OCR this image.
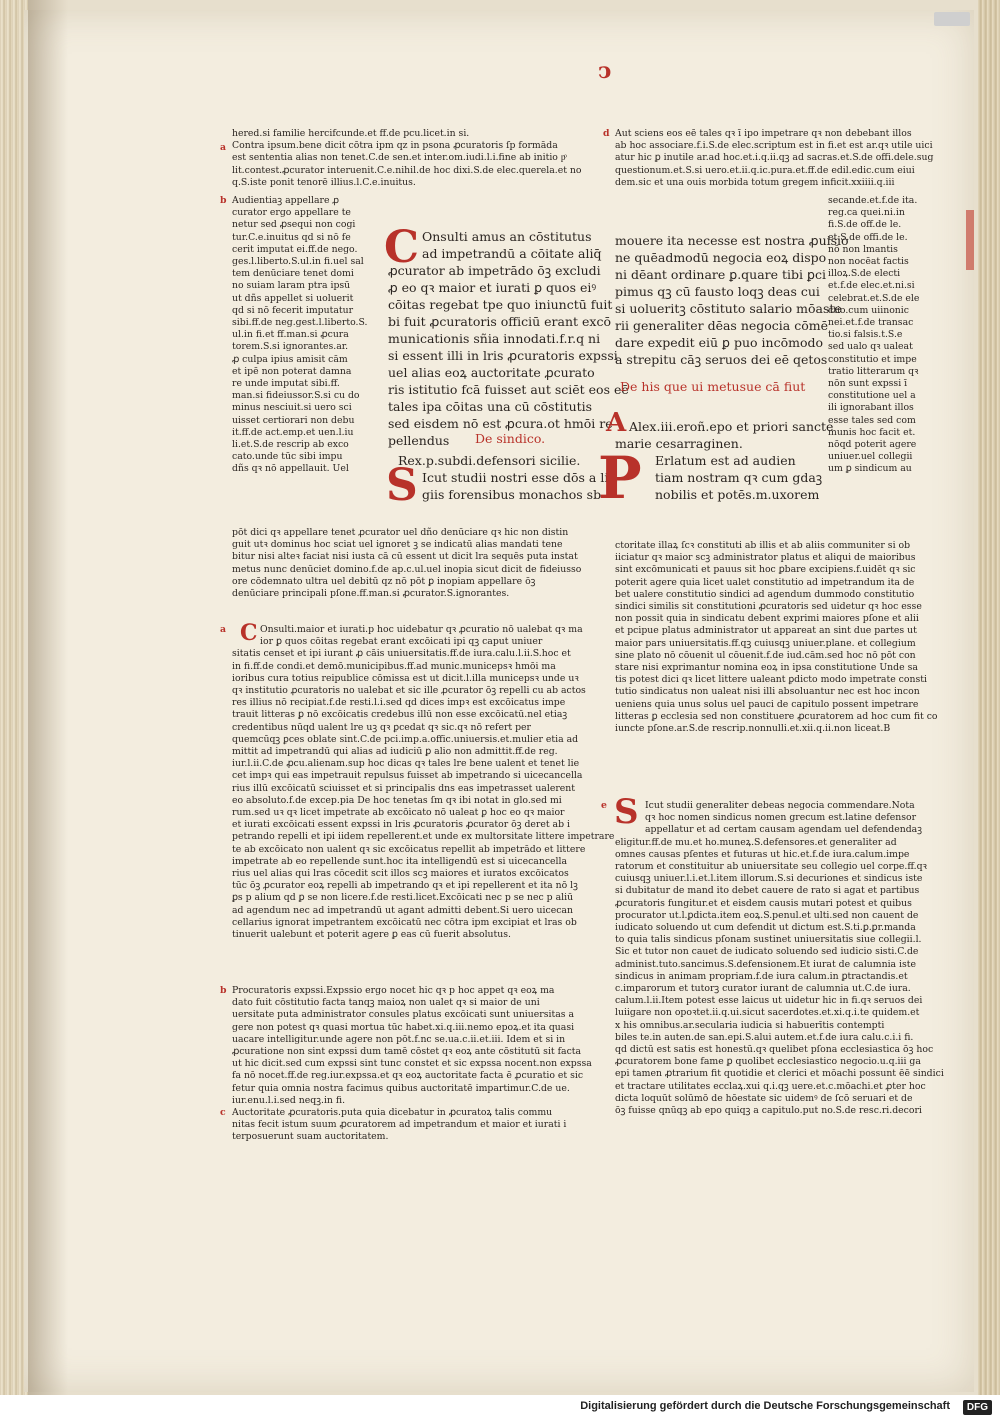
ↄ
a
hered.si familie hercifcunde.et ff.de pcu.licet.in si.
Contra ipsum.bene dicit cōtra ipm qz in psona ꝓcuratoris ſp formāda
est sententia alias non tenet.C.de sen.et inter.om.iudi.l.i.fine ab initio pͦ
lit.contest.ꝓcurator interuenit.C.e.nihil.de hoc dixi.S.de elec.querela.et no
q.S.iste ponit tenorē illius.l.C.e.inuitus.
b Audientiaꝫ appellare ꝓ
curator ergo appellare te
netur sed ꝓsequi non cogi
tur.C.e.inuitus qd si nō fe
cerit imputat ei.ff.de nego.
ges.l.liberto.S.ul.in fi.uel sal
tem denūciare tenet domi
no suiam laram ptra ipsū
ut dñs appellet si uoluerit
qd si nō fecerit imputatur
sibi.ff.de neg.gest.l.liberto.S.
ul.in fi.et ff.man.si ꝓcura
torem.S.si ignorantes.ar.
ꝓ culpa ipius amisit cām
et ipē non poterat damna
re unde imputat sibi.ff.
man.si fideiussor.S.si cu do
minus nesciuit.si uero sci
uisset certiorari non debu
it.ff.de act.emp.et uen.l.iu
li.et.S.de rescrip ab exco
cato.unde tūc sibi impu
dñs qꝛ nō appellauit. Uel
C Onsulti amus an cōstitutus
ad impetrandū a cōitate aliq̄
ꝓcurator ab impetrādo ōꝫ excludi
ꝓ eo qꝛ maior et iurati ꝑ quos eiꝰ
cōitas regebat tpe quo iniunctū fuit
bi fuit ꝓcuratoris officiū erant excō
municationis sñia innodati.f.r.q ni
si essent illi in lris ꝓcuratoris expssi
uel alias eoꝝ auctoritate ꝓcurato
ris istitutio fcā fuisset aut sciēt eos eē
tales ipa cōitas una cū cōstitutis
sed eisdem nō est ꝓcura.ot hmōi re
pellendus	De sindico.
S
Rex.p.subdi.defensori sicilie.
Icut studii nostri esse dōs a liti
giis forensibus monachos sb
pōt dici qꝛ appellare tenet ꝓcurator uel dño denūciare qꝛ hic non distin
guit utꝛ dominus hoc sciat uel ignoret ꝫ se indicatū alias mandati tene
bitur nisi alteꝛ faciat nisi iusta cā cū essent ut dicit lra sequēs puta instat
metus nunc denūciet domino.f.de ap.c.ul.uel inopia sicut dicit de fideiusso
ore cōdemnato ultra uel debitū qz nō pōt ꝑ inopiam appellare ōꝫ
denūciare principali pſone.ff.man.si ꝓcurator.S.ignorantes.
C
a	Onsulti.maior et iurati.p hoc uidebatur qꝛ ꝓcuratio nō ualebat qꝛ ma
ior ꝑ quos cōitas regebat erant excōicati ipi qꝫ caput uniuer
sitatis censet et ipi iurant ꝓ cāis uniuersitatis.ff.de iura.calu.l.ii.S.hoc et
in fi.ff.de condi.et demō.municipibus.ff.ad munic.municepsꝛ hmōi ma
ioribus cura totius reipublice cōmissa est ut dicit.l.illa municepsꝛ unde uꝛ
qꝛ institutio ꝓcuratoris no ualebat et sic ille ꝓcurator ōꝫ repelli cu ab actos
res illius nō recipiat.f.de resti.l.i.sed qd dices impꝛ est excōicatus impe
trauit litteras ꝑ nō excōicatis credebus illū non esse excōicatū.nel etiaꝫ
credentibus nūqd ualent lre uꝫ qꝛ ꝑcedat qꝛ sic.qꝛ nō refert per
quemcūqꝫ ꝑces oblate sint.C.de pci.imp.a.offic.uniuersis.et.mulier etia ad
mittit ad impetrandū qui alias ad iudiciū ꝑ alio non admittit.ff.de reg.
iur.l.ii.C.de ꝓcu.alienam.sup hoc dicas qꝛ tales lre bene ualent et tenet lie
cet impꝛ qui eas impetrauit repulsus fuisset ab impetrando si uicecancella
rius illū excōicatū sciuisset et si principalis dns eas impetrasset ualerent
eo absoluto.f.de excep.pia De hoc tenetas ſm qꝛ ibi notat in glo.sed mi
rum.sed uꝛ qꝛ licet impetrate ab excōicato nō ualeat ꝑ hoc eo qꝛ maior
et iurati excōicati essent expssi in lris ꝓcuratoris ꝓcurator ōꝫ deret ab i
petrando repelli et ipi iidem repellerent.et unde ex multorsitate littere impetrare
te ab excōicato non ualent qꝛ sic excōicatus repellit ab impetrādo et littere
impetrate ab eo repellende sunt.hoc ita intelligendū est si uicecancella
rius uel alias qui lras cōcedit scit illos scꝫ maiores et iuratos excōicatos
tūc ōꝫ ꝓcurator eoꝝ repelli ab impetrando qꝛ et ipi repellerent et ita nō lꝫ
ꝑs p alium qd ꝑ se non licere.f.de resti.licet.Excōicati nec p se nec p aliū
ad agendum nec ad impetrandū ut agant admitti debent.Si uero uicecan
cellarius ignorat impetrantem excōicatū nec cōtra ipm excipiat et lras ob
tinuerit ualebunt et poterit agere ꝑ eas cū fuerit absolutus.
b
c
Procuratoris expssi.Expssio ergo nocet hic qꝛ p hoc appet qꝛ eoꝝ ma
dato fuit cōstitutio facta tanqꝫ maioꝝ non ualet qꝛ si maior de uni
uersitate puta administrator consules platus excōicati sunt uniuersitas a
gere non potest qꝛ quasi mortua tūc habet.xi.q.iii.nemo epoꝝ.et ita quasi
uacare intelligitur.unde agere non pōt.f.nc se.ua.c.ii.et.iii. Idem et si in
ꝓcuratione non sint expssi dum tamē cōstet qꝛ eoꝝ ante cōstitutū sit facta
ut hic dicit.sed cum expssi sint tunc constet et sic expssa nocent.non expssa
fa nō nocet.ff.de reg.iur.expssa.et qꝛ eoꝝ auctoritate facta ē ꝓcuratio et sic
fetur quia omnia nostra facimus quibus auctoritatē impartimur.C.de ue.
iur.enu.l.i.sed neqꝫ.in fi.
Auctoritate ꝓcuratoris.puta quia dicebatur in ꝓcuratoꝝ talis commu
nitas fecit istum suum ꝓcuratorem ad impetrandum et maior et iurati i
terposuerunt suam auctoritatem.
d Aut sciens eos eē tales qꝛ ī ipo impetrare qꝛ non debebant illos
ab hoc associare.f.i.S.de elec.scriptum est in fi.et est ar.qꝛ utile uici
atur hic ꝑ inutile ar.ad hoc.et.i.q.ii.qꝫ ad sacras.et.S.de offi.dele.sug
questionum.et.S.si uero.et.ii.q.ic.pura.et.ff.de edil.edic.cum eiui
dem.sic et una ouis morbida totum gregem inficit.xxiiii.q.iii
mouere ita necesse est nostra ꝓuisio
ne quēadmodū negocia eoꝝ dispo
ni dēant ordinare ꝑ.quare tibi ꝑci
pimus qꝫ cū fausto loqꝫ deas cui
si uolueritꝫ cōstituto salario mōaste
rii generaliter dēas negocia cōmē
dare expedit eiū ꝑ puo incōmodo
a strepitu cāꝫ seruos dei eē qetos
De his que ui metusue cā fiut
A
P
Alex.iii.eroñ.epo et priori sancte
marie cesarraginen.
Erlatum est ad audien
tiam nostram qꝛ cum gdaꝫ
nobilis et potēs.m.uxorem
secande.et.f.de ita.
reg.ca quei.ni.in
fi.S.de off.de le.
et.S.de offi.de le.
nō non lmantis
non nocēat factis
illoꝝ.S.de electi
et.f.de elec.et.ni.si
celebrat.et.S.de ele
ctio.cum uiinonic
nei.et.f.de transac
tio.si falsis.t.S.e
sed ualo qꝛ ualeat
constitutio et impe
tratio litterarum qꝛ
nōn sunt expssi ī
constitutione uel a
ili ignorabant illos
esse tales sed com
munis hoc facit et.
nōqd poterit agere
uniuer.uel collegii
um ꝑ sindicum au
ctoritate illaꝝ ſcꝛ constituti ab illis et ab aliis communiter si ob
iiciatur qꝛ maior scꝫ administrator platus et aliqui de maioribus
sint excōmunicati et pauus sit hoc ꝑbare excipiens.f.uidēt qꝛ sic
poterit agere quia licet ualet constitutio ad impetrandum ita de
bet ualere constitutio sindici ad agendum dummodo constitutio
sindici similis sit constitutioni ꝓcuratoris sed uidetur qꝛ hoc esse
non possit quia in sindicatu debent exprimi maiores pſone et alii
et pcipue platus administrator ut appareat an sint due partes ut
maior pars uniuersitatis.ff.qꝫ cuiusqꝫ uniuer.plane. et collegium
sine plato nō cōuenit ul cōuenit.f.de iud.cām.sed hoc nō pōt con
stare nisi exprimantur nomina eoꝝ in ipsa constitutione Unde sa
tis potest dici qꝛ licet littere ualeant ꝑdicto modo impetrate consti
tutio sindicatus non ualeat nisi illi absoluantur nec est hoc incon
ueniens quia unus solus uel pauci de capitulo possent impetrare
litteras ꝑ ecclesia sed non constituere ꝓcuratorem ad hoc cum fit co
iuncte pſone.ar.S.de rescrip.nonnulli.et.xii.q.ii.non liceat.B
S
e	Icut studii generaliter debeas negocia commendare.Nota
qꝛ hoc nomen sindicus nomen grecum est.latine defensor
appellatur et ad certam causam agendam uel defendendaꝫ
eligitur.ff.de mu.et ho.muneꝝ.S.defensores.et generaliter ad
omnes causas pſentes et futuras ut hic.et.f.de iura.calum.impe
ratorum et constituitur ab uniuersitate seu collegio uel corpe.ff.qꝛ
cuiusqꝫ uniuer.l.i.et.l.item illorum.S.si decuriones et sindicus iste
si dubitatur de mand ito debet cauere de rato si agat et partibus
ꝓcuratoris fungitur.et et eisdem causis mutari potest et quibus
procurator ut.l.ꝑdicta.item eoꝝ.S.penul.et ulti.sed non cauent de
iudicato soluendo ut cum defendit ut dictum est.S.ti.ꝑ.ꝑr.manda
to quia talis sindicus pſonam sustinet uniuersitatis siue collegii.l.
Sic et tutor non cauet de iudicato soluendo sed iudicio sisti.C.de
administ.tuto.sancimus.S.defensionem.Et iurat de calumnia iste
sindicus in animam propriam.f.de iura calum.in ꝑtractandis.et
c.imparorum et tutorꝫ curator iurant de calumnia ut.C.de iura.
calum.l.ii.Item potest esse laicus ut uidetur hic in fi.qꝛ seruos dei
luiigare non opoꝛtet.ii.q.ui.sicut sacerdotes.et.xi.q.i.te quidem.et
x his omnibus.ar.secularia iudicia si habuerītis contempti
biles te.in auten.de san.epi.S.alui autem.et.f.de iura calu.c.i.i fi.
qd dictū est satis est honestū.qꝛ quelibet pſona ecclesiastica ōꝫ hoc
ꝓcuratorem bone fame ꝑ quolibet ecclesiastico negocio.u.q.iii ga
epi tamen ꝓtrarium fit quotidie et clerici et mōachi possunt ēē sindici
et tractare utilitates ecclaꝝ.xui q.i.qꝫ uere.et.c.mōachi.et ꝓter hoc
dicta loquūt solūmō de hōestate sic uidemꝰ de ſcō seruari et de
ōꝫ fuisse qnūqꝫ ab epo quiqꝫ a capitulo.put no.S.de resc.ri.decori
Digitalisierung gefördert durch die Deutsche Forschungsgemeinschaft	DFG
